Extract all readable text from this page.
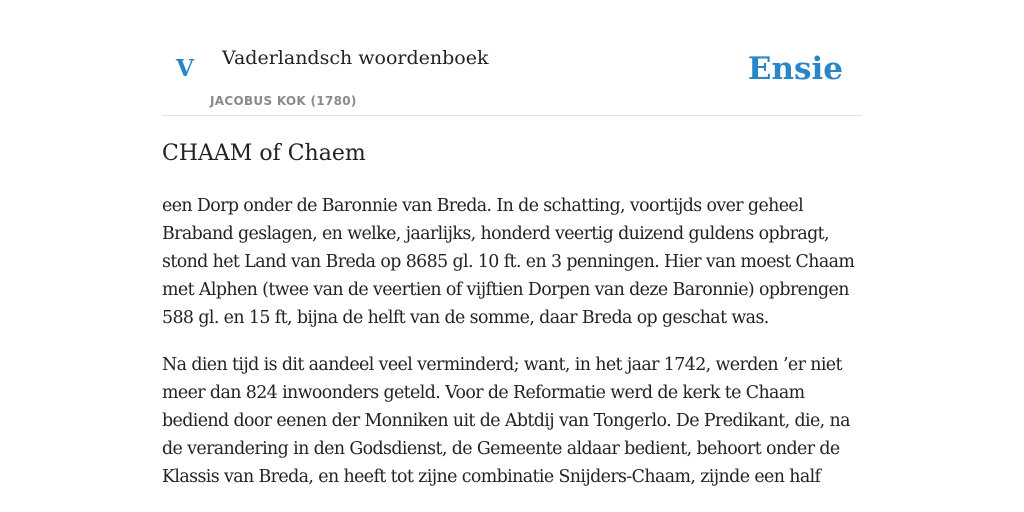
V Vaderlandsch woordenboek
JACOBUS KOK (1780)
Ensie
CHAAM of Chaem

een Dorp onder de Baronnie van Breda. In de schatting, voortijds over geheel Braband geslagen, en welke, jaarlijks, honderd veertig duizend guldens opbragt, stond het Land van Breda op 8685 gl. 10 ft. en 3 penningen. Hier van moest Chaam met Alphen (twee van de veertien of vijftien Dorpen van deze Baronnie) opbrengen 588 gl. en 15 ft, bijna de helft van de somme, daar Breda op geschat was.

Na dien tijd is dit aandeel veel verminderd; want, in het jaar 1742, werden ’er niet meer dan 824 inwoonders geteld. Voor de Reformatie werd de kerk te Chaam bediend door eenen der Monniken uit de Abtdij van Tongerlo. De Predikant, die, na de verandering in den Godsdienst, de Gemeente aldaar bedient, behoort onder de Klassis van Breda, en heeft tot zijne combinatie Snijders-Chaam, zijnde een half
